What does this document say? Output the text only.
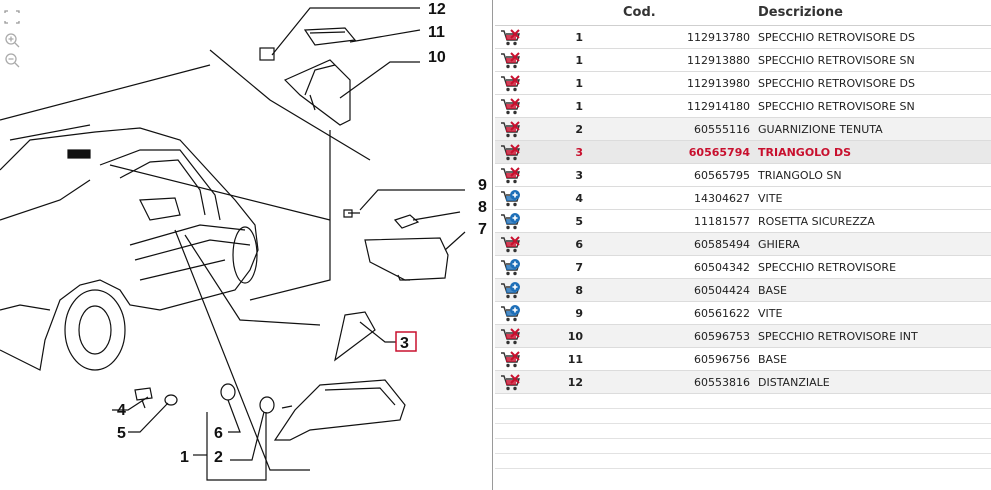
12
11
10
9
8
7
3
4
5	6
2
1
		Cod.	Descrizione
	1	112913780	SPECCHIO RETROVISORE DS
	1	112913880	SPECCHIO RETROVISORE SN
	1	112913980	SPECCHIO RETROVISORE DS
	1	112914180	SPECCHIO RETROVISORE SN
	2	60555116	GUARNIZIONE TENUTA
	3	60565794	TRIANGOLO DS
	3	60565795	TRIANGOLO SN
	4	14304627	VITE
	5	11181577	ROSETTA SICUREZZA
	6	60585494	GHIERA
	7	60504342	SPECCHIO RETROVISORE
	8	60504424	BASE
	9	60561622	VITE
	10	60596753	SPECCHIO RETROVISORE INT
	11	60596756	BASE
	12	60553816	DISTANZIALE
